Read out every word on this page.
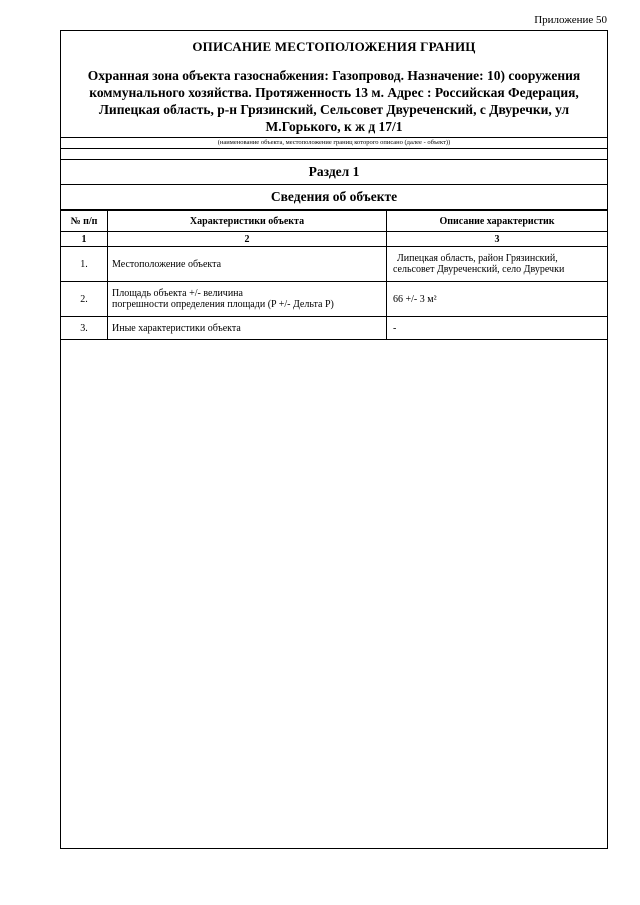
Приложение 50
ОПИСАНИЕ МЕСТОПОЛОЖЕНИЯ ГРАНИЦ
Охранная зона объекта газоснабжения: Газопровод. Назначение: 10) сооружения коммунального хозяйства. Протяженность 13 м. Адрес : Российская Федерация, Липецкая область, р-н Грязинский, Сельсовет Двуреченский, с Двуречки, ул М.Горького, к ж д 17/1
(наименование объекта, местоположение границ которого описано (далее - объект))
Раздел 1
Сведения об объекте
№ п/п	Характеристики объекта	Описание характеристик
1	2	3
1.	Местоположение объекта	Липецкая область, район Грязинский,
сельсовет Двуреченский, село Двуречки

2.	Площадь объекта +/- величина
погрешности определения площади (P +/- Дельта P)	66 +/- 3 м²
3.	Иные характеристики объекта	-
